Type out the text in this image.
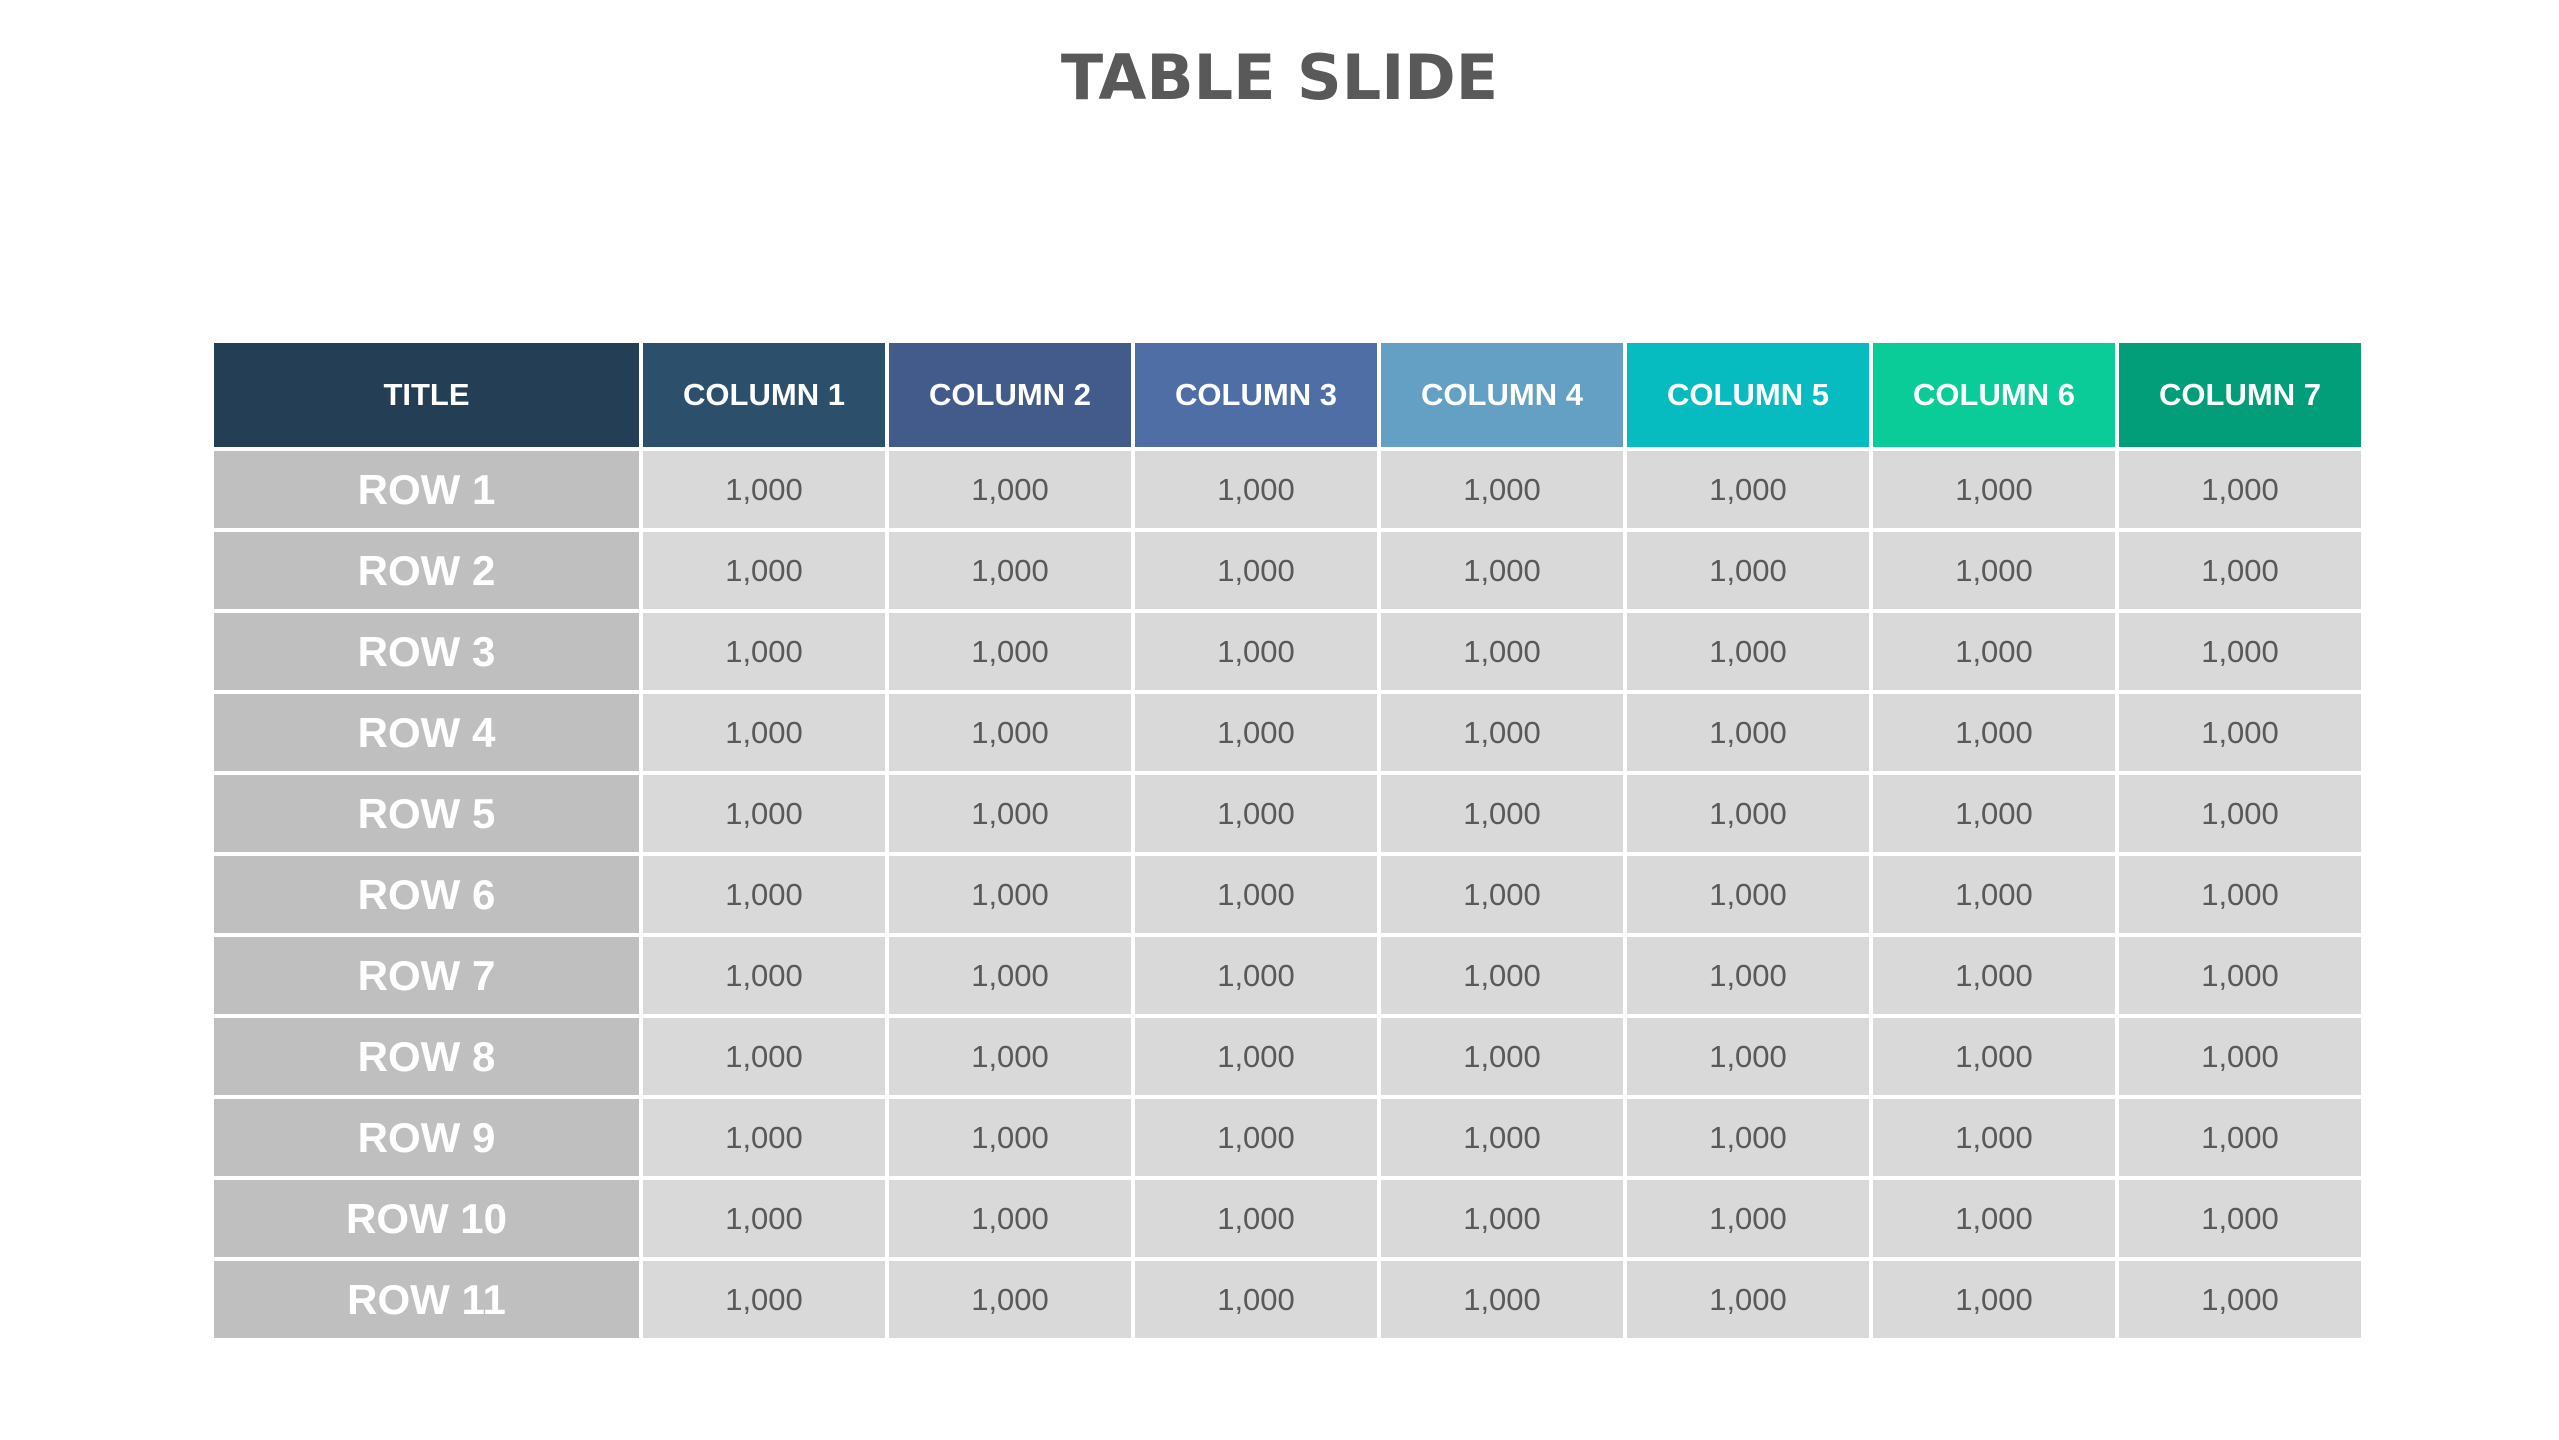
TABLE SLIDE
TITLE	COLUMN 1	COLUMN 2	COLUMN 3	COLUMN 4	COLUMN 5	COLUMN 6	COLUMN 7
ROW 1	1,000	1,000	1,000	1,000	1,000	1,000	1,000
ROW 2	1,000	1,000	1,000	1,000	1,000	1,000	1,000
ROW 3	1,000	1,000	1,000	1,000	1,000	1,000	1,000
ROW 4	1,000	1,000	1,000	1,000	1,000	1,000	1,000
ROW 5	1,000	1,000	1,000	1,000	1,000	1,000	1,000
ROW 6	1,000	1,000	1,000	1,000	1,000	1,000	1,000
ROW 7	1,000	1,000	1,000	1,000	1,000	1,000	1,000
ROW 8	1,000	1,000	1,000	1,000	1,000	1,000	1,000
ROW 9	1,000	1,000	1,000	1,000	1,000	1,000	1,000
ROW 10	1,000	1,000	1,000	1,000	1,000	1,000	1,000
ROW 11	1,000	1,000	1,000	1,000	1,000	1,000	1,000
